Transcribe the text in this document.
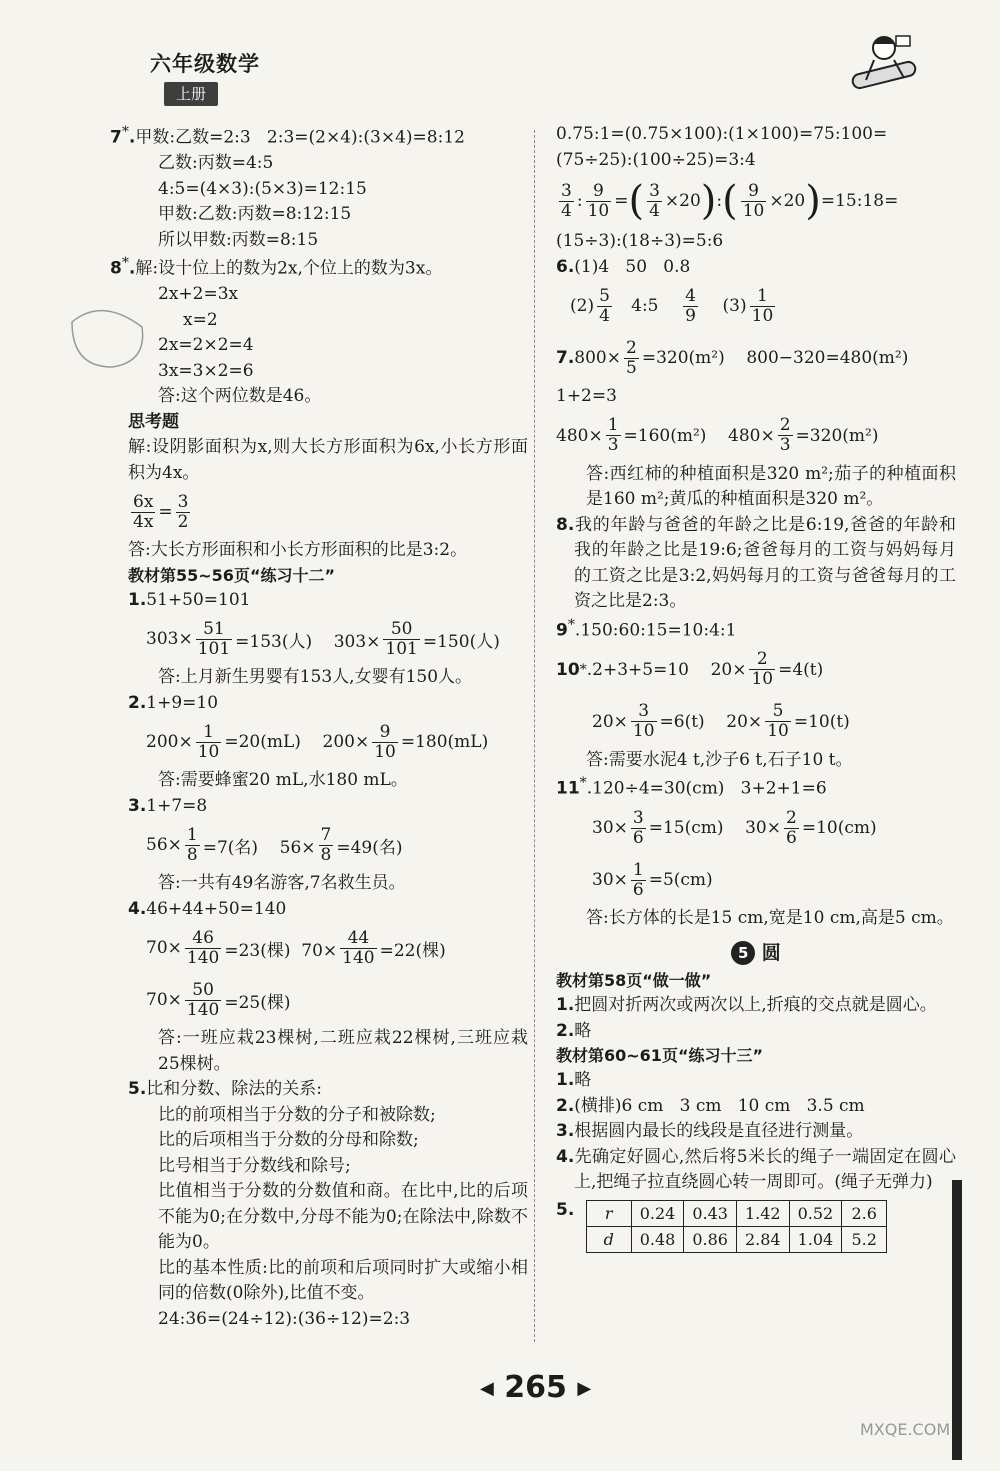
六年级数学
上册
7*.甲数:乙数=2:3   2:3=(2×4):(3×4)=8:12
乙数:丙数=4:5
4:5=(4×3):(5×3)=12:15
甲数:乙数:丙数=8:12:15
所以甲数:丙数=8:15
8*.解:设十位上的数为2x,个位上的数为3x。
2x+2=3x
x=2
2x=2×2=4
3x=3×2=6
答:这个两位数是46。
思考题
解:设阴影面积为x,则大长方形面积为6x,小长方形面积为4x。
6x
4x =
3
2
答:大长方形面积和小长方形面积的比是3:2。
教材第55~56页“练习十二”
1.51+50=101
$303\times \frac{51}{101} =153$(人)    $303\times \frac{50}{101} =150$(人)
答:上月新生男婴有153人,女婴有150人。
2.1+9=10
$200\times \frac{1}{10} =20(mL)$    $200\times \frac{9}{10} =180(mL)$
答:需要蜂蜜20 mL,水180 mL。
3.1+7=8
$56\times \frac{1}{8} =7$(名)    $56\times \frac{7}{8} =49$(名)
答:一共有49名游客,7名救生员。
4.46+44+50=140
$70\times \frac{46}{140} =23$(棵)  $70\times \frac{44}{140} =22$(棵)
$70\times \frac{50}{140} =25$(棵)
答:一班应栽23棵树,二班应栽22棵树,三班应栽25棵树。
5.比和分数、除法的关系:
比的前项相当于分数的分子和被除数;
比的后项相当于分数的分母和除数;
比号相当于分数线和除号;
比值相当于分数的分数值和商。在比中,比的后项不能为0;在分数中,分母不能为0;在除法中,除数不能为0。
比的基本性质:比的前项和后项同时扩大或缩小相同的倍数(0除外),比值不变。
24:36=(24÷12):(36÷12)=2:3
0.75:1=(0.75×100):(1×100)=75:100=
(75÷25):(100÷25)=3:4
3
4 : $\frac{9}{10}$ = ( $\frac{3}{4} \times 20$ ) : ( $\frac{9}{10} \times 20$ ) =15:18=
(15÷3):(18÷3)=5:6
6.(1)4   50   0.8
(2)
5
4 4:5
4
9 (3)
1
10
7. $800\times \frac{2}{5} =320(m^2)$    800−320=480(m²)
1+2=3
$480\times \frac{1}{3} =160(m^2)$    $480\times \frac{2}{3} =320(m^2)$
答:西红柿的种植面积是320 m²;茄子的种植面积是160 m²;黄瓜的种植面积是320 m²。
8.我的年龄与爸爸的年龄之比是6:19,爸爸的年龄和我的年龄之比是19:6;爸爸每月的工资与妈妈每月的工资之比是3:2,妈妈每月的工资与爸爸每月的工资之比是2:3。
9*.150:60:15=10:4:1
10 * .2+3+5=10    $20\times \frac{2}{10} =4(t)$
$20\times \frac{3}{10} =6(t)$    $20\times \frac{5}{10} =10(t)$
答:需要水泥4 t,沙子6 t,石子10 t。
11*.120÷4=30(cm)   3+2+1=6
$30\times \frac{3}{6} =15(cm)$    $30\times \frac{2}{6} =10(cm)$
$30\times \frac{1}{6} =5(cm)$
答:长方体的长是15 cm,宽是10 cm,高是5 cm。
5 圆
教材第58页“做一做”
1.把圆对折两次或两次以上,折痕的交点就是圆心。
2.略
教材第60~61页“练习十三”
1.略
2.(横排)6 cm   3 cm   10 cm   3.5 cm
3.根据圆内最长的线段是直径进行测量。
4.先确定好圆心,然后将5米长的绳子一端固定在圆心上,把绳子拉直绕圆心转一周即可。(绳子无弹力)
5. r	0.24	0.43	1.42	0.52	2.6
d	0.48	0.86	2.84	1.04	5.2
◀ 265 ▶
MXQE.COM
